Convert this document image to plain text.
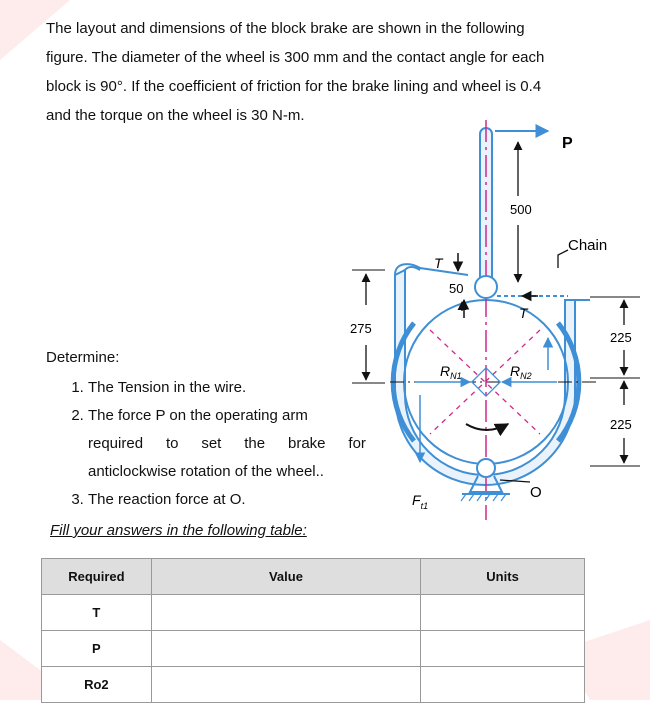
The layout and dimensions of the block brake are shown in the following

figure. The diameter of the wheel is 300 mm and the contact angle for each

block is 90°. If the coefficient of friction for the brake lining and wheel is 0.4

and the torque on the wheel is 30 N-m.

Determine:

1. The Tension in the wire.
2. The force P on the operating arm
required to set the brake for
anticlockwise rotation of the wheel..
3. The reaction force at O.
Fill your answers in the following table:
Required	Value	Units
T		
P		
Ro2		
P
500
Chain
T
50
T
275
225
225
$R_{N1}$	$R_{N2}$
$F_{t1}$
O
